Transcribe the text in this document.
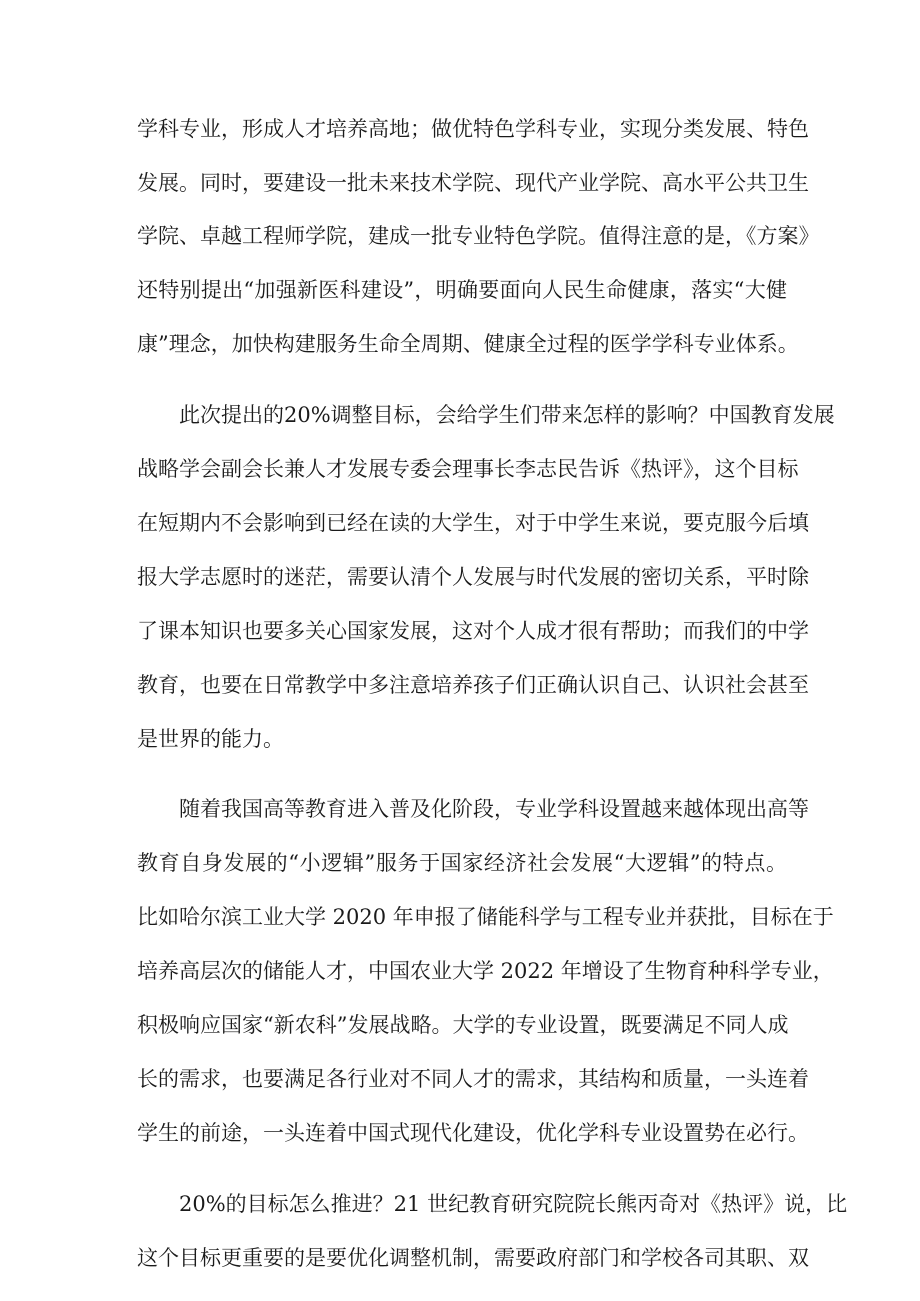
学科专业，形成人才培养高地；做优特色学科专业，实现分类发展、特色
发展。同时，要建设一批未来技术学院、现代产业学院、高水平公共卫生
学院、卓越工程师学院，建成一批专业特色学院。值得注意的是，《方案》
还特别提出“加强新医科建设”，明确要面向人民生命健康，落实“大健
康”理念，加快构建服务生命全周期、健康全过程的医学学科专业体系。
　　此次提出的20%调整目标，会给学生们带来怎样的影响？中国教育发展
战略学会副会长兼人才发展专委会理事长李志民告诉《热评》，这个目标
在短期内不会影响到已经在读的大学生，对于中学生来说，要克服今后填
报大学志愿时的迷茫，需要认清个人发展与时代发展的密切关系，平时除
了课本知识也要多关心国家发展，这对个人成才很有帮助；而我们的中学
教育，也要在日常教学中多注意培养孩子们正确认识自己、认识社会甚至
是世界的能力。
　　随着我国高等教育进入普及化阶段，专业学科设置越来越体现出高等
教育自身发展的“小逻辑”服务于国家经济社会发展“大逻辑”的特点。
比如哈尔滨工业大学 2020 年申报了储能科学与工程专业并获批，目标在于
培养高层次的储能人才，中国农业大学 2022 年增设了生物育种科学专业，
积极响应国家“新农科”发展战略。大学的专业设置，既要满足不同人成
长的需求，也要满足各行业对不同人才的需求，其结构和质量，一头连着
学生的前途，一头连着中国式现代化建设，优化学科专业设置势在必行。
　　20%的目标怎么推进？21 世纪教育研究院院长熊丙奇对《热评》说，比
这个目标更重要的是要优化调整机制，需要政府部门和学校各司其职、双
